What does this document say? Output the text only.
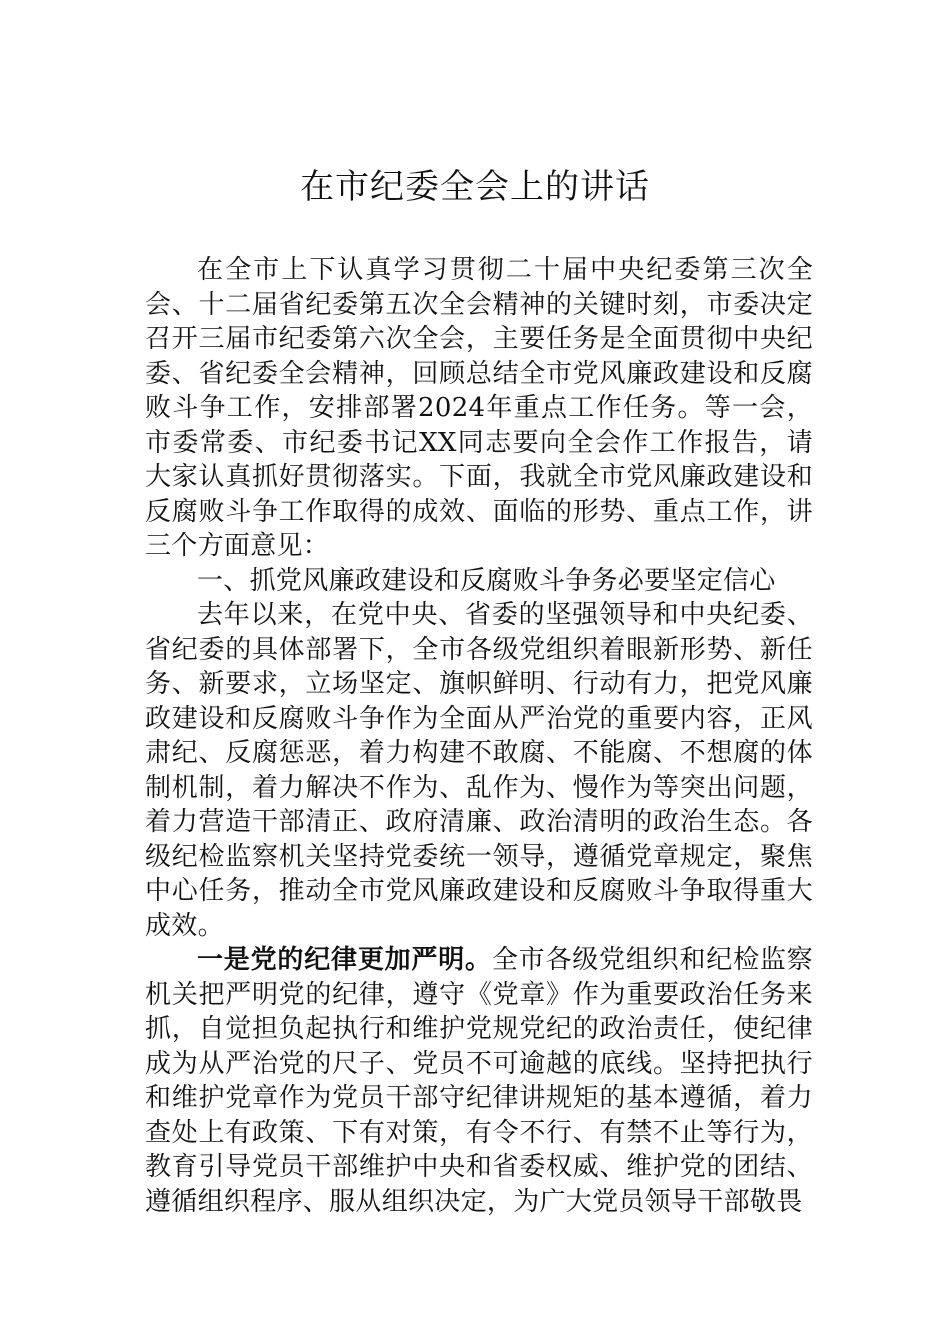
在市纪委全会上的讲话

在全市上下认真学习贯彻二十届中央纪委第三次全会、十二届省纪委第五次全会精神的关键时刻，市委决定召开三届市纪委第六次全会，主要任务是全面贯彻中央纪委、省纪委全会精神，回顾总结全市党风廉政建设和反腐败斗争工作，安排部署2024年重点工作任务。等一会，市委常委、市纪委书记XX同志要向全会作工作报告，请大家认真抓好贯彻落实。下面，我就全市党风廉政建设和反腐败斗争工作取得的成效、面临的形势、重点工作，讲三个方面意见：

一、抓党风廉政建设和反腐败斗争务必要坚定信心

去年以来，在党中央、省委的坚强领导和中央纪委、省纪委的具体部署下，全市各级党组织着眼新形势、新任务、新要求，立场坚定、旗帜鲜明、行动有力，把党风廉政建设和反腐败斗争作为全面从严治党的重要内容，正风肃纪、反腐惩恶，着力构建不敢腐、不能腐、不想腐的体制机制，着力解决不作为、乱作为、慢作为等突出问题，着力营造干部清正、政府清廉、政治清明的政治生态。各级纪检监察机关坚持党委统一领导，遵循党章规定，聚焦中心任务，推动全市党风廉政建设和反腐败斗争取得重大成效。

一是党的纪律更加严明。全市各级党组织和纪检监察机关把严明党的纪律，遵守《党章》作为重要政治任务来抓，自觉担负起执行和维护党规党纪的政治责任，使纪律成为从严治党的尺子、党员不可逾越的底线。坚持把执行和维护党章作为党员干部守纪律讲规矩的基本遵循，着力查处上有政策、下有对策，有令不行、有禁不止等行为，教育引导党员干部维护中央和省委权威、维护党的团结、遵循组织程序、服从组织决定，为广大党员领导干部敬畏
